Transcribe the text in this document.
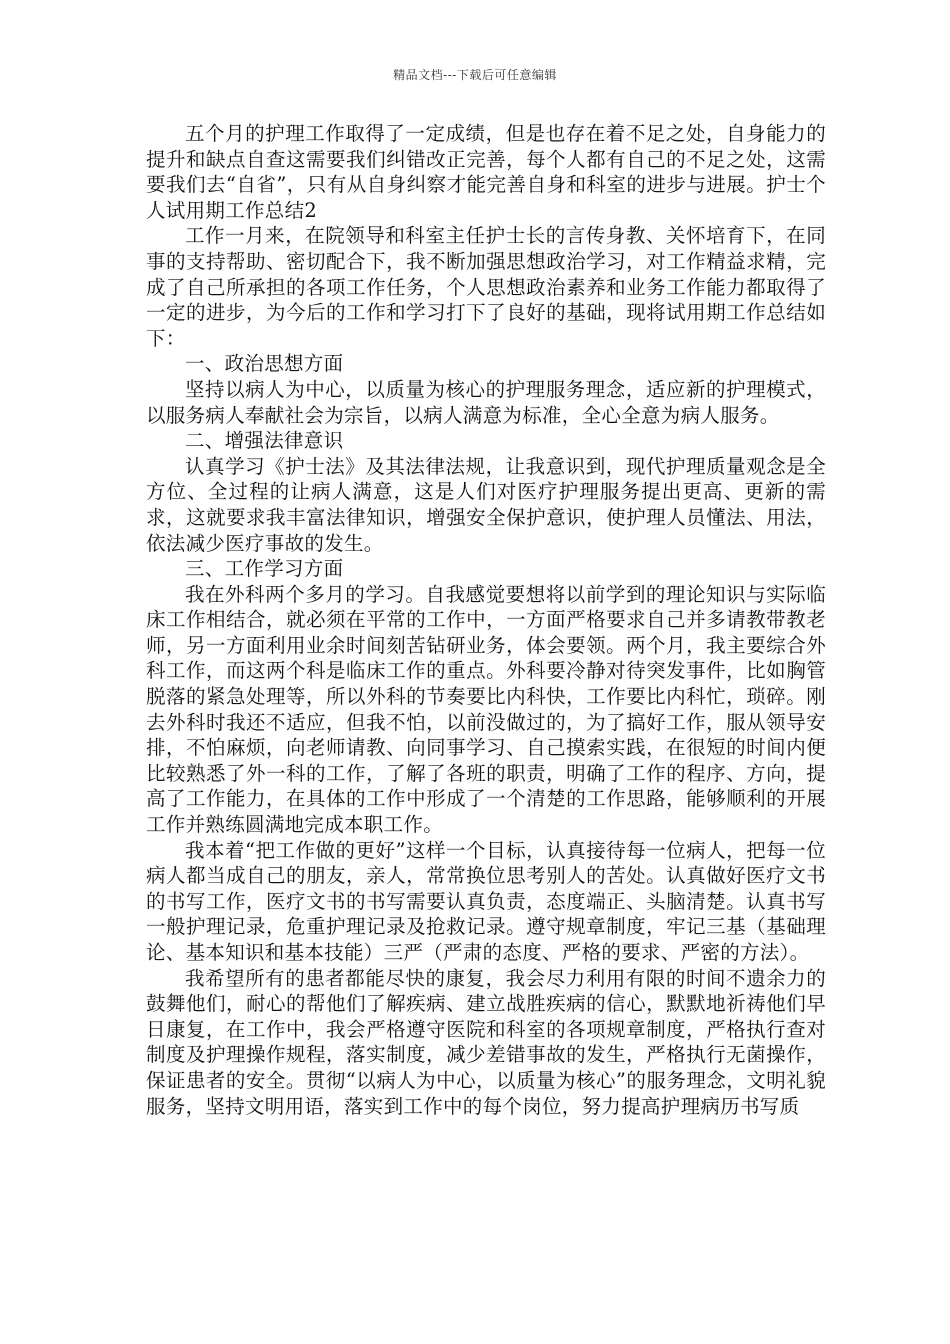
精品文档---下载后可任意编辑

五个月的护理工作取得了一定成绩，但是也存在着不足之处，自身能力的提升和缺点自查这需要我们纠错改正完善，每个人都有自己的不足之处，这需要我们去“自省”，只有从自身纠察才能完善自身和科室的进步与进展。护士个人试用期工作总结2

工作一月来，在院领导和科室主任护士长的言传身教、关怀培育下，在同事的支持帮助、密切配合下，我不断加强思想政治学习，对工作精益求精，完成了自己所承担的各项工作任务，个人思想政治素养和业务工作能力都取得了一定的进步，为今后的工作和学习打下了良好的基础，现将试用期工作总结如下：

一、政治思想方面

坚持以病人为中心，以质量为核心的护理服务理念，适应新的护理模式，以服务病人奉献社会为宗旨，以病人满意为标准，全心全意为病人服务。

二、增强法律意识

认真学习《护士法》及其法律法规，让我意识到，现代护理质量观念是全方位、全过程的让病人满意，这是人们对医疗护理服务提出更高、更新的需求，这就要求我丰富法律知识，增强安全保护意识，使护理人员懂法、用法，依法减少医疗事故的发生。

三、工作学习方面

我在外科两个多月的学习。自我感觉要想将以前学到的理论知识与实际临床工作相结合，就必须在平常的工作中，一方面严格要求自己并多请教带教老师，另一方面利用业余时间刻苦钻研业务，体会要领。两个月，我主要综合外科工作，而这两个科是临床工作的重点。外科要冷静对待突发事件，比如胸管脱落的紧急处理等，所以外科的节奏要比内科快，工作要比内科忙，琐碎。刚去外科时我还不适应，但我不怕，以前没做过的，为了搞好工作，服从领导安排，不怕麻烦，向老师请教、向同事学习、自己摸索实践，在很短的时间内便比较熟悉了外一科的工作，了解了各班的职责，明确了工作的程序、方向，提高了工作能力，在具体的工作中形成了一个清楚的工作思路，能够顺利的开展工作并熟练圆满地完成本职工作。

我本着“把工作做的更好”这样一个目标，认真接待每一位病人，把每一位病人都当成自己的朋友，亲人，常常换位思考别人的苦处。认真做好医疗文书的书写工作，医疗文书的书写需要认真负责，态度端正、头脑清楚。认真书写一般护理记录，危重护理记录及抢救记录。遵守规章制度，牢记三基（基础理论、基本知识和基本技能）三严（严肃的态度、严格的要求、严密的方法）。

我希望所有的患者都能尽快的康复，我会尽力利用有限的时间不遗余力的鼓舞他们，耐心的帮他们了解疾病、建立战胜疾病的信心，默默地祈祷他们早日康复，在工作中，我会严格遵守医院和科室的各项规章制度，严格执行查对制度及护理操作规程，落实制度，减少差错事故的发生，严格执行无菌操作，保证患者的安全。贯彻“以病人为中心，以质量为核心”的服务理念，文明礼貌服务，坚持文明用语，落实到工作中的每个岗位，努力提高护理病历书写质
